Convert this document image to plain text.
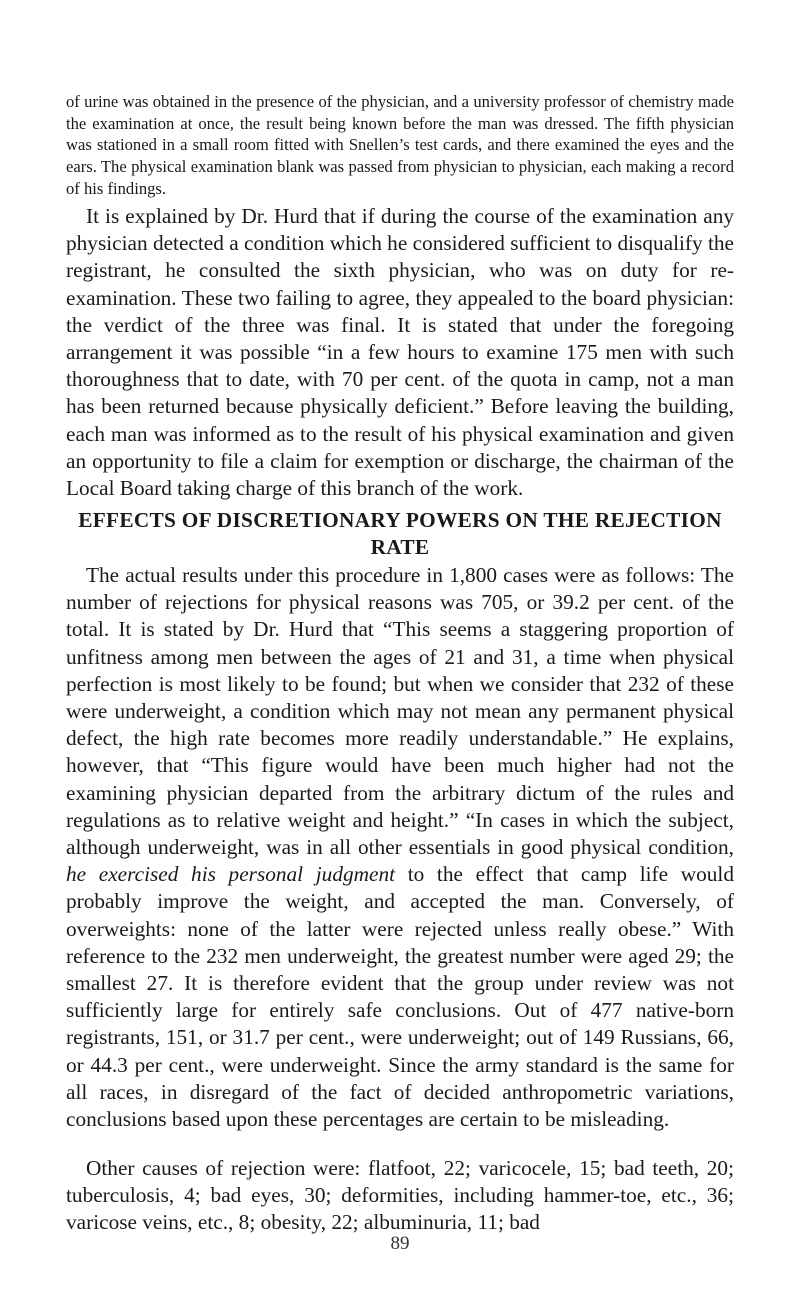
of urine was obtained in the presence of the physician, and a university professor of chemistry made the examination at once, the result being known before the man was dressed. The fifth physician was stationed in a small room fitted with Snellen’s test cards, and there examined the eyes and the ears. The physical examination blank was passed from physician to physician, each making a record of his findings.

It is explained by Dr. Hurd that if during the course of the examination any physician detected a condition which he considered sufficient to disqualify the registrant, he consulted the sixth physician, who was on duty for re-examination. These two failing to agree, they appealed to the board physician: the verdict of the three was final. It is stated that under the foregoing arrangement it was possible “in a few hours to examine 175 men with such thoroughness that to date, with 70 per cent. of the quota in camp, not a man has been returned because physically deficient.” Before leaving the building, each man was informed as to the result of his physical examination and given an opportunity to file a claim for exemption or discharge, the chairman of the Local Board taking charge of this branch of the work.

EFFECTS OF DISCRETIONARY POWERS ON THE REJECTION RATE

The actual results under this procedure in 1,800 cases were as follows: The number of rejections for physical reasons was 705, or 39.2 per cent. of the total. It is stated by Dr. Hurd that “This seems a staggering proportion of unfitness among men between the ages of 21 and 31, a time when physical perfection is most likely to be found; but when we consider that 232 of these were underweight, a condition which may not mean any permanent physical defect, the high rate becomes more readily understandable.” He explains, however, that “This figure would have been much higher had not the examining physician departed from the arbitrary dictum of the rules and regulations as to relative weight and height.” “In cases in which the subject, although underweight, was in all other essentials in good physical condition, he exercised his personal judgment to the effect that camp life would probably improve the weight, and accepted the man. Conversely, of overweights: none of the latter were rejected unless really obese.” With reference to the 232 men underweight, the greatest number were aged 29; the smallest 27. It is therefore evident that the group under review was not sufficiently large for entirely safe conclusions. Out of 477 native-born registrants, 151, or 31.7 per cent., were underweight; out of 149 Russians, 66, or 44.3 per cent., were underweight. Since the army standard is the same for all races, in disregard of the fact of decided anthropometric variations, conclusions based upon these percentages are certain to be misleading.

Other causes of rejection were: flatfoot, 22; varicocele, 15; bad teeth, 20; tuberculosis, 4; bad eyes, 30; deformities, including hammer-toe, etc., 36; varicose veins, etc., 8; obesity, 22; albuminuria, 11; bad

89
